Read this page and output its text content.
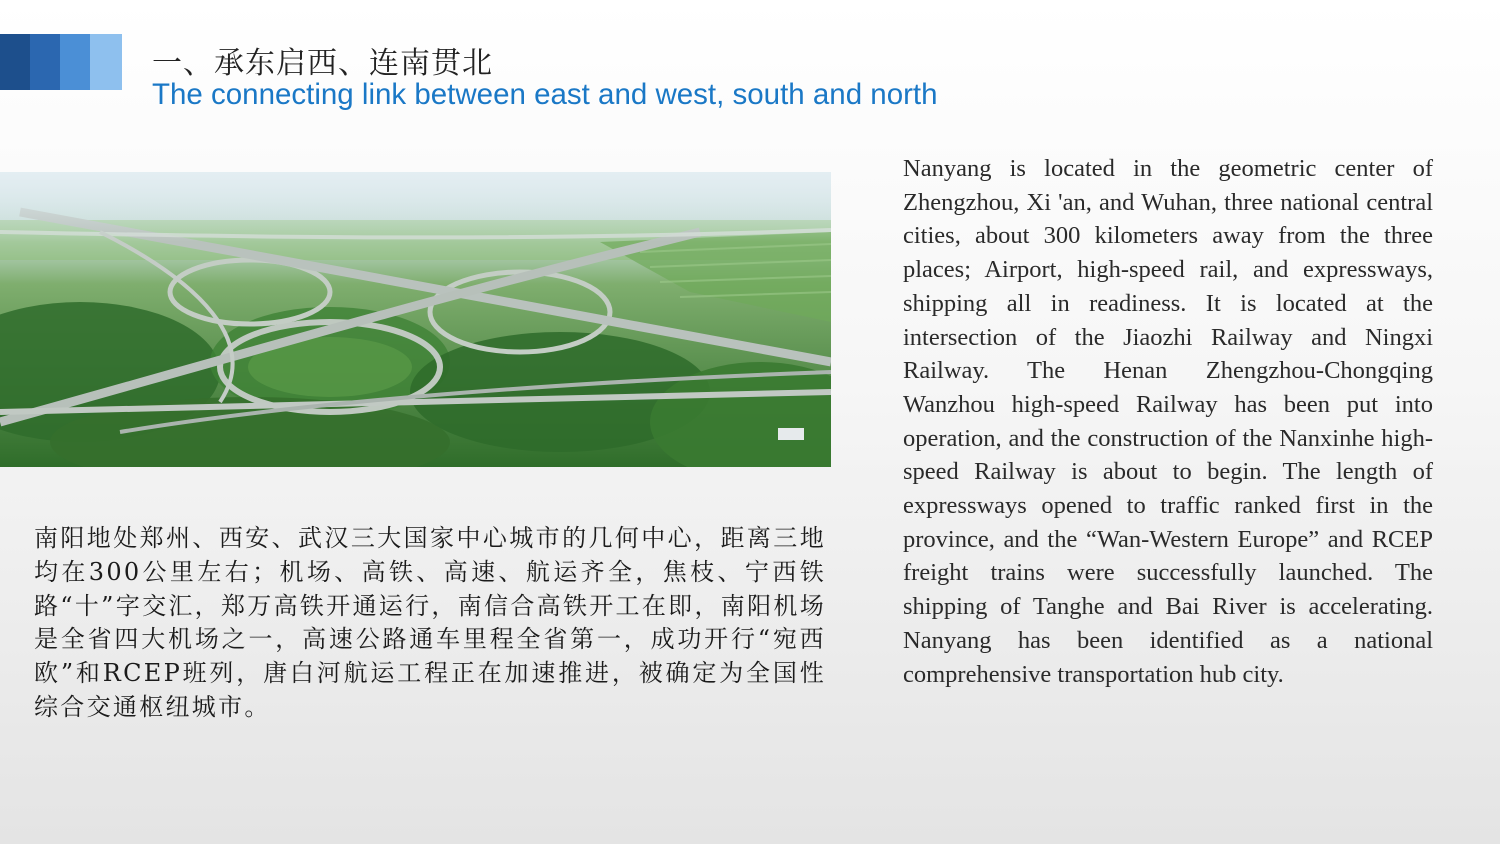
一、承东启西、连南贯北
The connecting link between east and west, south and north
南阳地处郑州、西安、武汉三大国家中心城市的几何中心，距离三地均在300公里左右；机场、高铁、高速、航运齐全，焦枝、宁西铁路“十”字交汇，郑万高铁开通运行，南信合高铁开工在即，南阳机场是全省四大机场之一，高速公路通车里程全省第一，成功开行“宛西欧”和RCEP班列，唐白河航运工程正在加速推进，被确定为全国性综合交通枢纽城市。
Nanyang is located in the geometric center of Zhengzhou, Xi 'an, and Wuhan, three national central cities, about 300 kilometers away from the three places; Airport, high-speed rail, and expressways, shipping all in readiness. It is located at the intersection of the Jiaozhi Railway and Ningxi Railway. The Henan Zhengzhou-Chongqing Wanzhou high-speed Railway has been put into operation, and the construction of the Nanxinhe high-speed Railway is about to begin. The length of expressways opened to traffic ranked first in the province, and the “Wan-Western Europe” and RCEP freight trains were successfully launched. The shipping of Tanghe and Bai River is accelerating. Nanyang has been identified as a national comprehensive transportation hub city.
